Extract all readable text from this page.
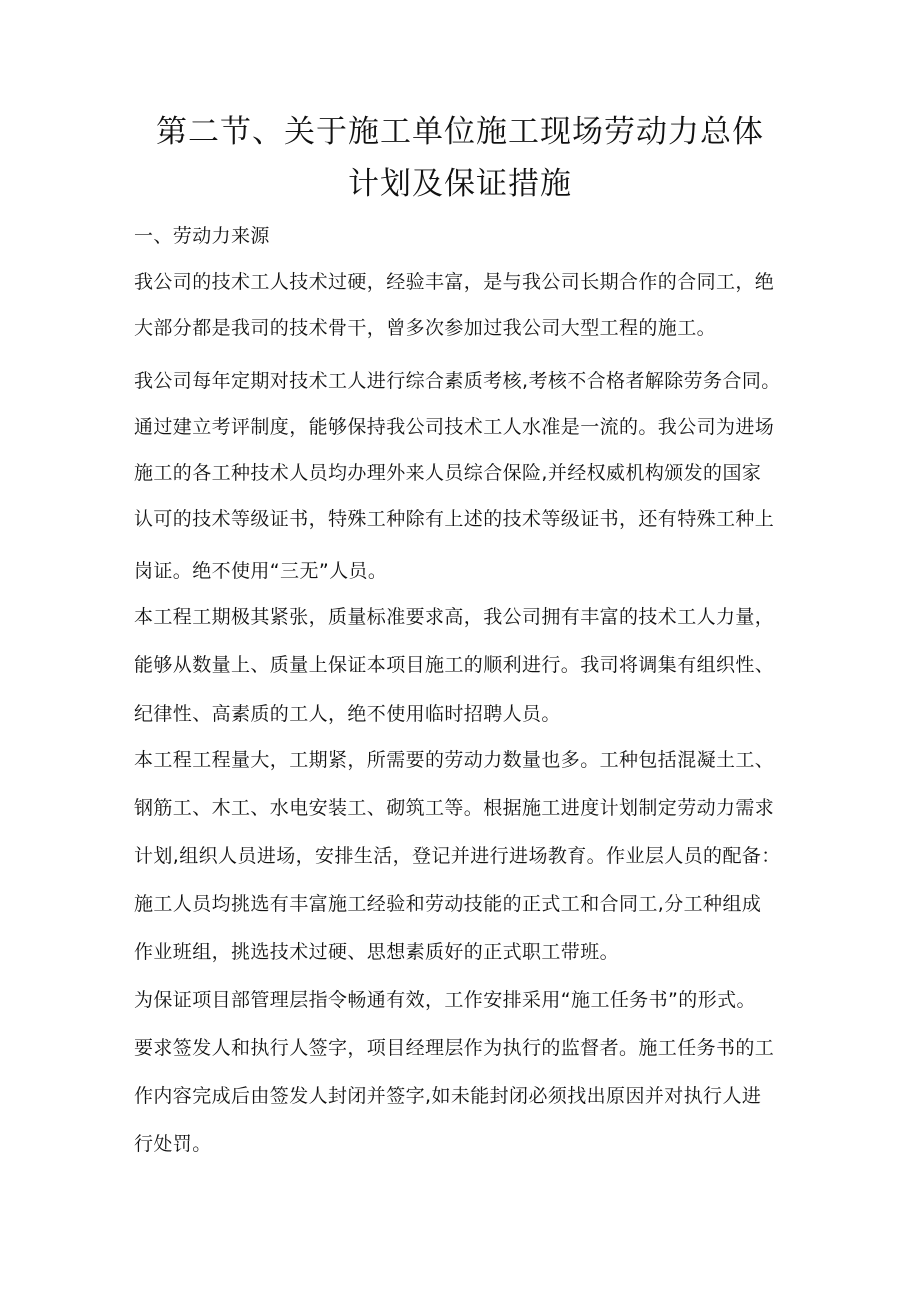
第二节、关于施工单位施工现场劳动力总体
计划及保证措施
一、劳动力来源
我公司的技术工人技术过硬，经验丰富，是与我公司长期合作的合同工，绝
大部分都是我司的技术骨干，曾多次参加过我公司大型工程的施工。
我公司每年定期对技术工人进行综合素质考核,考核不合格者解除劳务合同。
通过建立考评制度，能够保持我公司技术工人水准是一流的。我公司为进场
施工的各工种技术人员均办理外来人员综合保险,并经权威机构颁发的国家
认可的技术等级证书，特殊工种除有上述的技术等级证书，还有特殊工种上
岗证。绝不使用“三无”人员。
本工程工期极其紧张，质量标准要求高，我公司拥有丰富的技术工人力量，
能够从数量上、质量上保证本项目施工的顺利进行。我司将调集有组织性、
纪律性、高素质的工人，绝不使用临时招聘人员。
本工程工程量大，工期紧，所需要的劳动力数量也多。工种包括混凝土工、
钢筋工、木工、水电安装工、砌筑工等。根据施工进度计划制定劳动力需求
计划,组织人员进场，安排生活，登记并进行进场教育。作业层人员的配备：
施工人员均挑选有丰富施工经验和劳动技能的正式工和合同工,分工种组成
作业班组，挑选技术过硬、思想素质好的正式职工带班。
为保证项目部管理层指令畅通有效，工作安排采用“施工任务书”的形式。
要求签发人和执行人签字，项目经理层作为执行的监督者。施工任务书的工
作内容完成后由签发人封闭并签字,如未能封闭必须找出原因并对执行人进
行处罚。
